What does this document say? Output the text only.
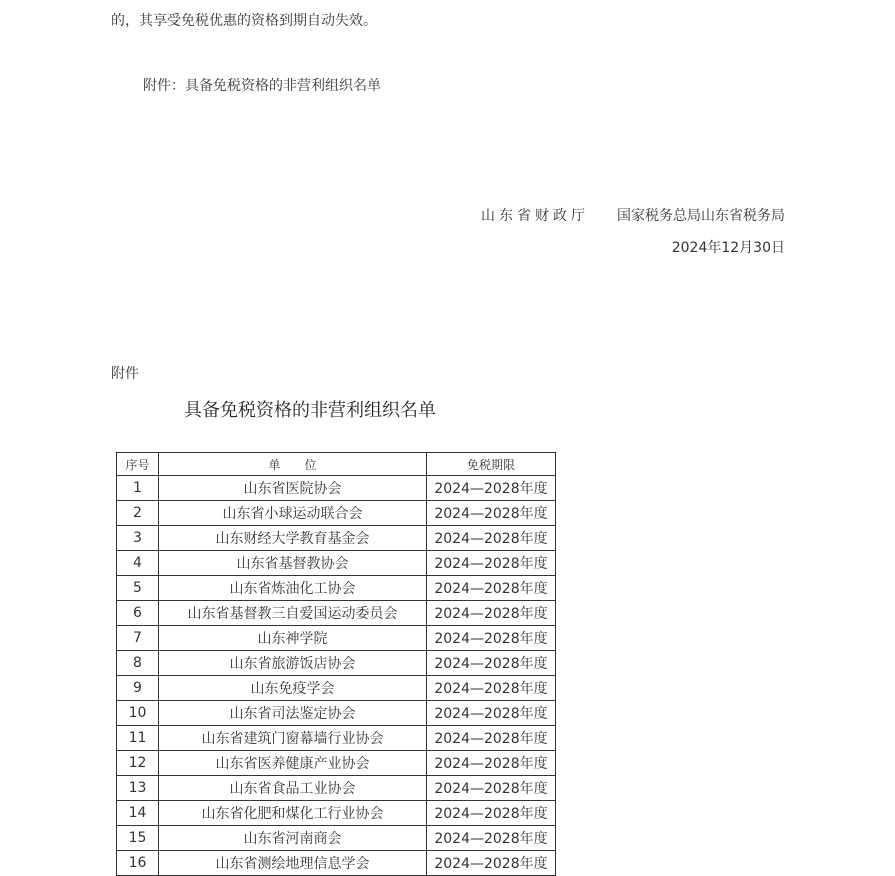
的，其享受免税优惠的资格到期自动失效。
附件：具备免税资格的非营利组织名单
山东省财政厅 国家税务总局山东省税务局
2024年12月30日
附件
具备免税资格的非营利组织名单
序号	单　　位	免税期限
1	山东省医院协会	2024—2028年度
2	山东省小球运动联合会	2024—2028年度
3	山东财经大学教育基金会	2024—2028年度
4	山东省基督教协会	2024—2028年度
5	山东省炼油化工协会	2024—2028年度
6	山东省基督教三自爱国运动委员会	2024—2028年度
7	山东神学院	2024—2028年度
8	山东省旅游饭店协会	2024—2028年度
9	山东免疫学会	2024—2028年度
10	山东省司法鉴定协会	2024—2028年度
11	山东省建筑门窗幕墙行业协会	2024—2028年度
12	山东省医养健康产业协会	2024—2028年度
13	山东省食品工业协会	2024—2028年度
14	山东省化肥和煤化工行业协会	2024—2028年度
15	山东省河南商会	2024—2028年度
16	山东省测绘地理信息学会	2024—2028年度
